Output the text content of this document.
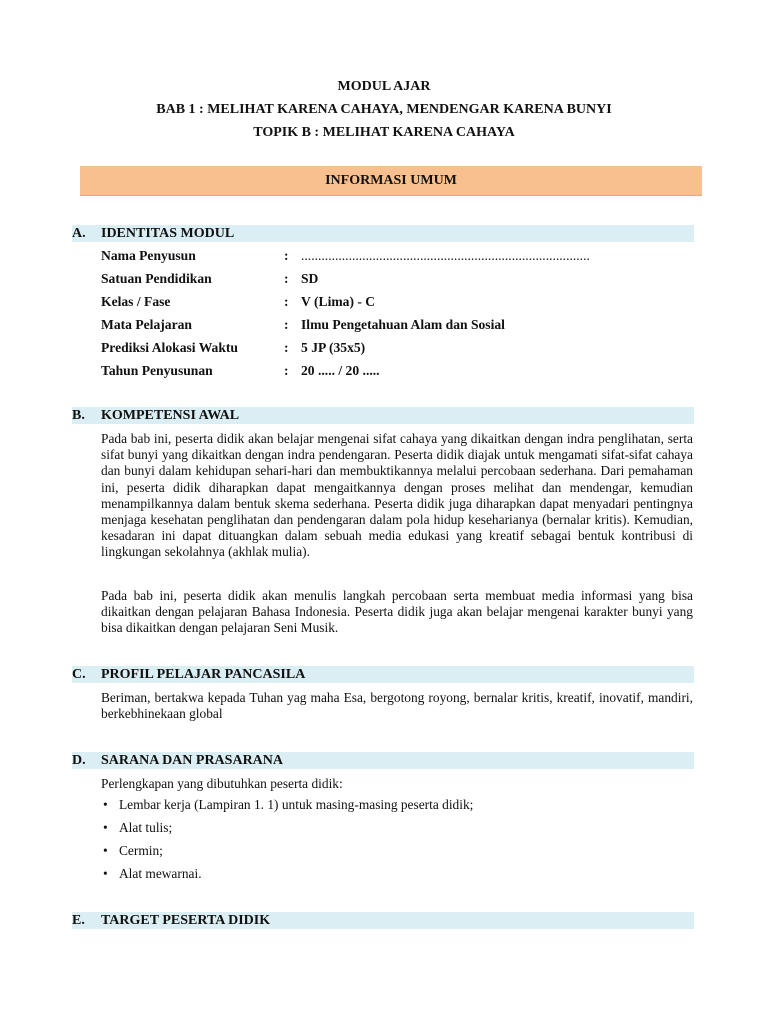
MODUL AJAR
BAB 1 : MELIHAT KARENA CAHAYA, MENDENGAR KARENA BUNYI
TOPIK B : MELIHAT KARENA CAHAYA
INFORMASI UMUM
A. IDENTITAS MODUL
Nama Penyusun	: .....................................................................................
Satuan Pendidikan	: SD
Kelas / Fase	: V (Lima) - C
Mata Pelajaran	: Ilmu Pengetahuan Alam dan Sosial
Prediksi Alokasi Waktu	: 5 JP (35x5)
Tahun Penyusunan	: 20 ..... / 20 .....
B. KOMPETENSI AWAL
Pada bab ini, peserta didik akan belajar mengenai sifat cahaya yang dikaitkan dengan indra penglihatan, serta sifat bunyi yang dikaitkan dengan indra pendengaran. Peserta didik diajak untuk mengamati sifat-sifat cahaya dan bunyi dalam kehidupan sehari-hari dan membuktikannya melalui percobaan sederhana. Dari pemahaman ini, peserta didik diharapkan dapat mengaitkannya dengan proses melihat dan mendengar, kemudian menampilkannya dalam bentuk skema sederhana. Peserta didik juga diharapkan dapat menyadari pentingnya menjaga kesehatan penglihatan dan pendengaran dalam pola hidup keseharianya (bernalar kritis). Kemudian, kesadaran ini dapat dituangkan dalam sebuah media edukasi yang kreatif sebagai bentuk kontribusi di lingkungan sekolahnya (akhlak mulia).
Pada bab ini, peserta didik akan menulis langkah percobaan serta membuat media informasi yang bisa dikaitkan dengan pelajaran Bahasa Indonesia. Peserta didik juga akan belajar mengenai karakter bunyi yang bisa dikaitkan dengan pelajaran Seni Musik.
C. PROFIL PELAJAR PANCASILA
Beriman, bertakwa kepada Tuhan yag maha Esa, bergotong royong, bernalar kritis, kreatif, inovatif, mandiri, berkebhinekaan global
D. SARANA DAN PRASARANA
Perlengkapan yang dibutuhkan peserta didik:
• Lembar kerja (Lampiran 1. 1) untuk masing-masing peserta didik;
• Alat tulis;
• Cermin;
• Alat mewarnai.
E. TARGET PESERTA DIDIK
